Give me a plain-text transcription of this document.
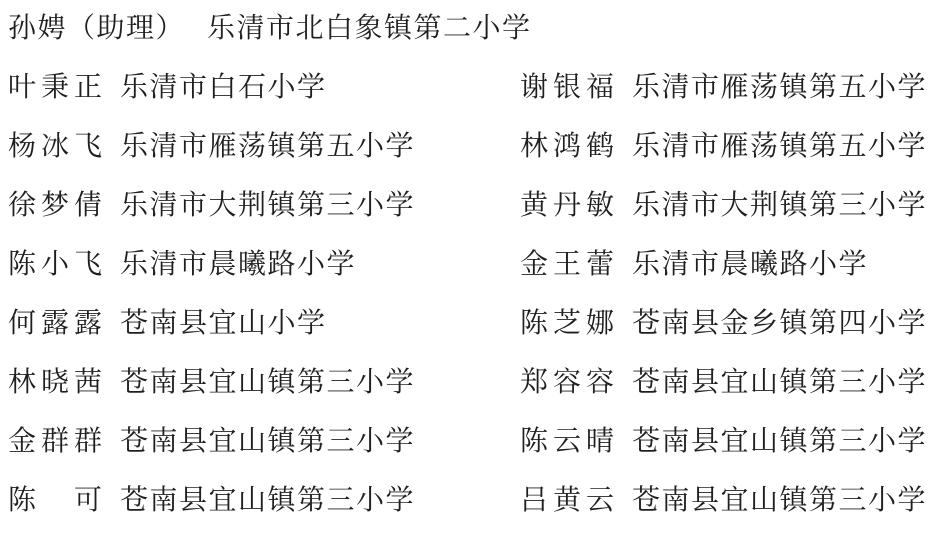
孙娉（助理） 乐清市北白象镇第二小学
叶秉正 乐清市白石小学	谢银福 乐清市雁荡镇第五小学
杨冰飞 乐清市雁荡镇第五小学	林鸿鹤 乐清市雁荡镇第五小学
徐梦倩 乐清市大荆镇第三小学	黄丹敏 乐清市大荆镇第三小学
陈小飞 乐清市晨曦路小学	金王蕾 乐清市晨曦路小学
何露露 苍南县宜山小学	陈芝娜 苍南县金乡镇第四小学
林晓茜 苍南县宜山镇第三小学	郑容容 苍南县宜山镇第三小学
金群群 苍南县宜山镇第三小学	陈云晴 苍南县宜山镇第三小学
陈　可 苍南县宜山镇第三小学	吕黄云 苍南县宜山镇第三小学
